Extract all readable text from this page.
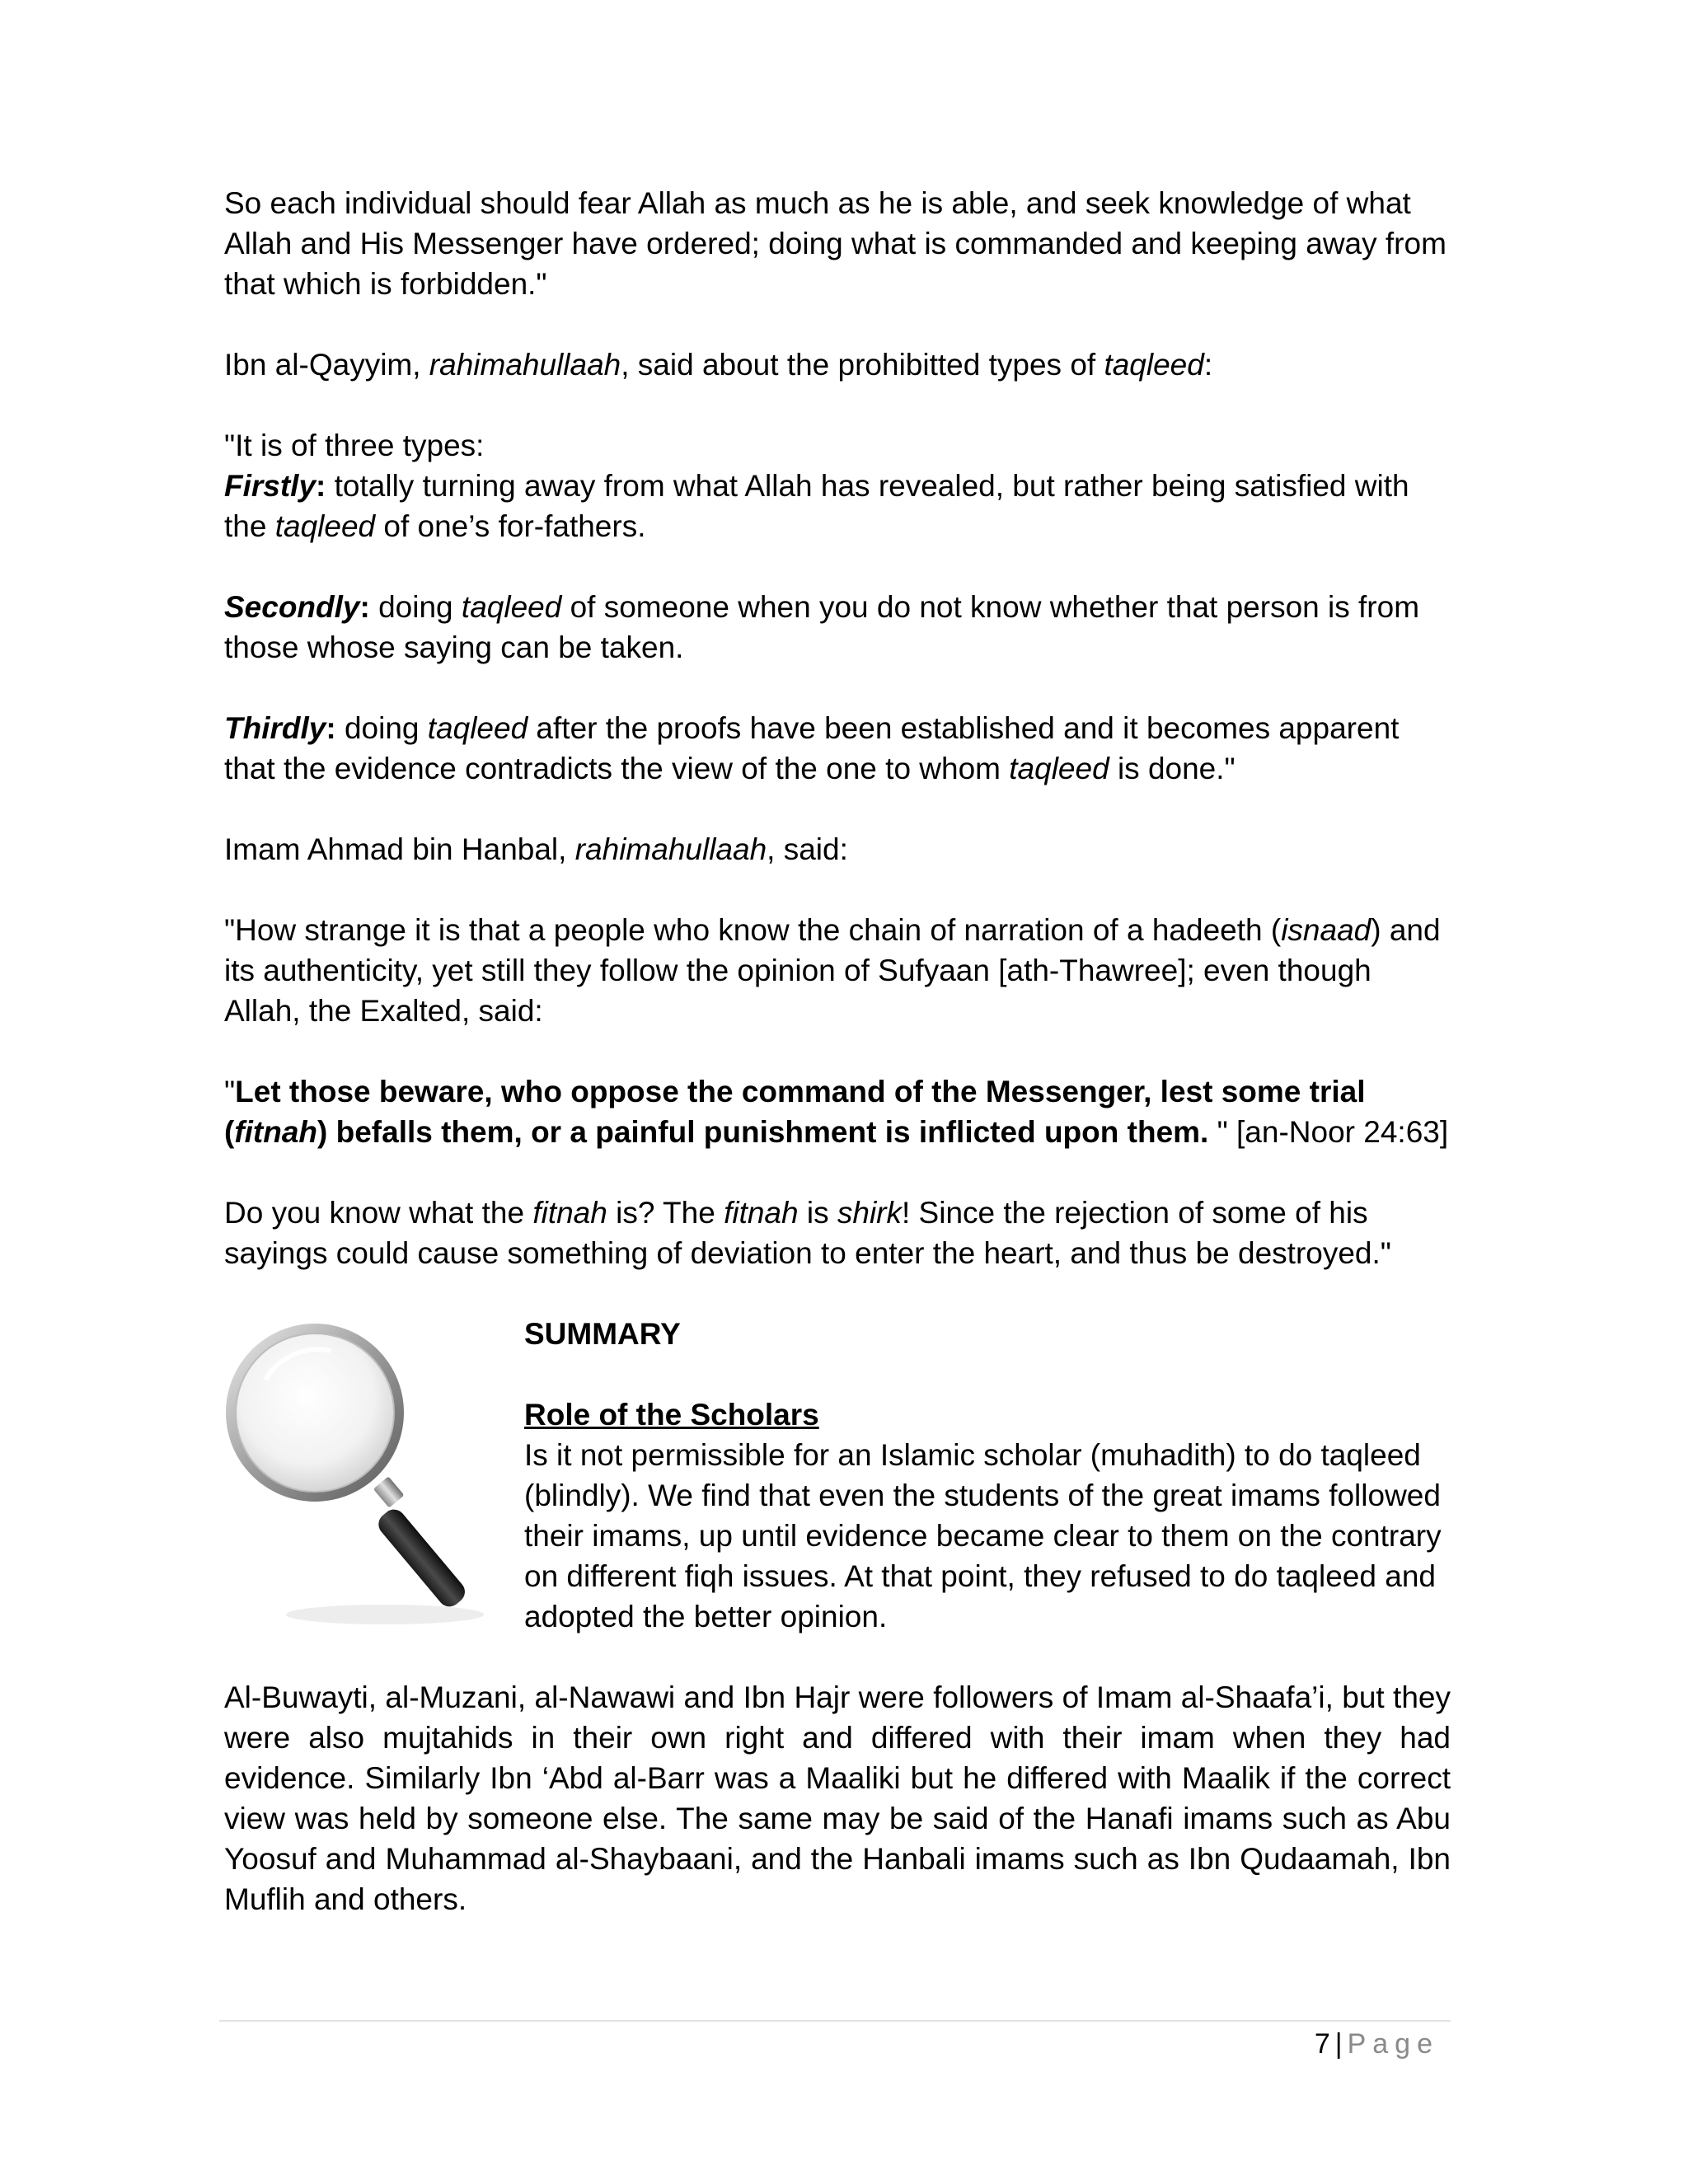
So each individual should fear Allah as much as he is able, and seek knowledge of what Allah and His Messenger have ordered; doing what is commanded and keeping away from that which is forbidden."

Ibn al-Qayyim, rahimahullaah, said about the prohibitted types of taqleed:

"It is of three types:

Firstly: totally turning away from what Allah has revealed, but rather being satisfied with the taqleed of one’s for-fathers.

Secondly: doing taqleed of someone when you do not know whether that person is from those whose saying can be taken.

Thirdly: doing taqleed after the proofs have been established and it becomes apparent that the evidence contradicts the view of the one to whom taqleed is done."

Imam Ahmad bin Hanbal, rahimahullaah, said:

"How strange it is that a people who know the chain of narration of a hadeeth (isnaad) and its authenticity, yet still they follow the opinion of Sufyaan [ath-Thawree]; even though Allah, the Exalted, said:

"Let those beware, who oppose the command of the Messenger, lest some trial (fitnah) befalls them, or a painful punishment is inflicted upon them. " [an-Noor 24:63]

Do you know what the fitnah is? The fitnah is shirk! Since the rejection of some of his sayings could cause something of deviation to enter the heart, and thus be destroyed."

SUMMARY

Role of the Scholars

Is it not permissible for an Islamic scholar (muhadith) to do taqleed (blindly). We find that even the students of the great imams followed their imams, up until evidence became clear to them on the contrary on different fiqh issues. At that point, they refused to do taqleed and adopted the better opinion.

Al-Buwayti, al-Muzani, al-Nawawi and Ibn Hajr were followers of Imam al-Shaafa’i, but they were also mujtahids in their own right and differed with their imam when they had evidence. Similarly Ibn ‘Abd al-Barr was a Maaliki but he differed with Maalik if the correct view was held by someone else. The same may be said of the Hanafi imams such as Abu Yoosuf and Muhammad al-Shaybaani, and the Hanbali imams such as Ibn Qudaamah, Ibn Muflih and others.

7 | Page
